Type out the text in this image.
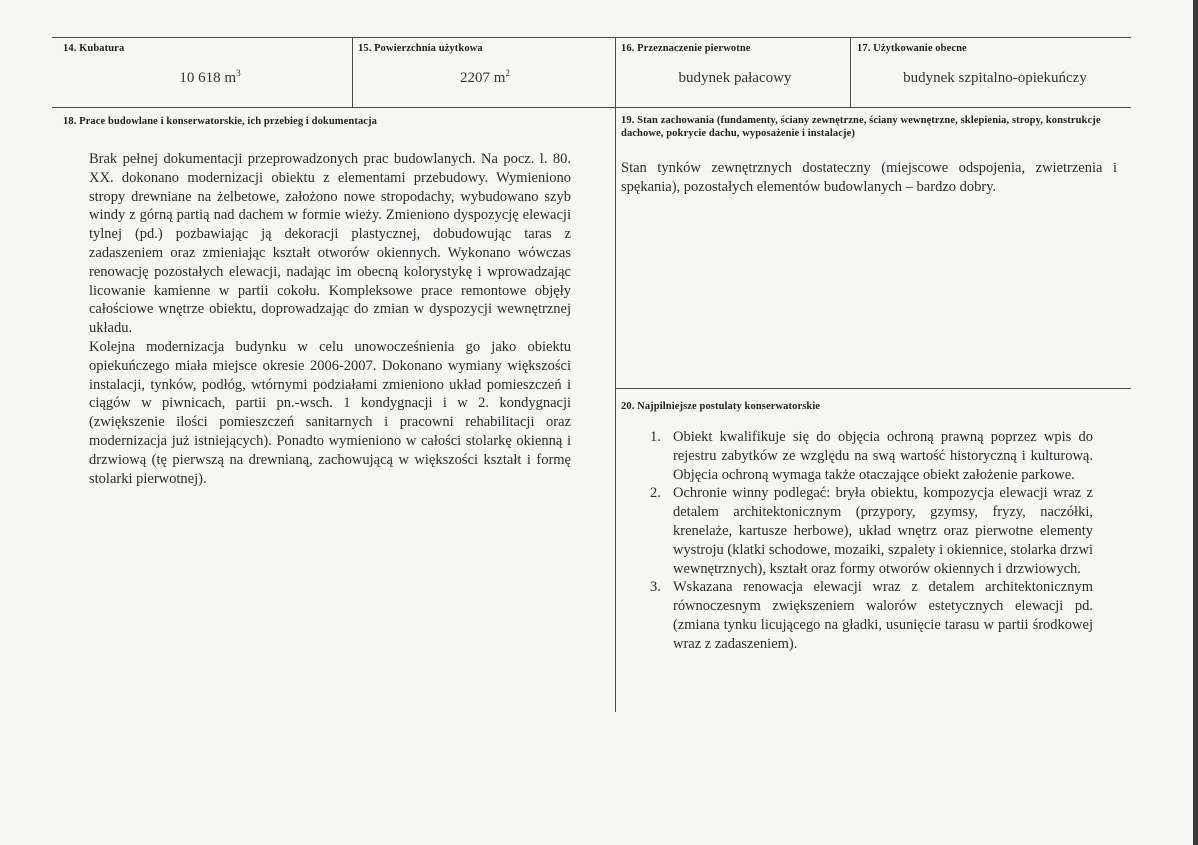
14. Kubatura
10 618 $m^3$
15. Powierzchnia użytkowa
2207 $m^2$
16. Przeznaczenie pierwotne
budynek pałacowy
17. Użytkowanie obecne
budynek szpitalno-opiekuńczy
18. Prace budowlane i konserwatorskie, ich przebieg i dokumentacja

Brak pełnej dokumentacji przeprowadzonych prac budowlanych. Na pocz. l. 80. XX. dokonano modernizacji obiektu z elementami przebudowy. Wymieniono stropy drewniane na żelbetowe, założono nowe stropodachy, wybudowano szyb windy z górną partią nad dachem w formie wieży. Zmieniono dyspozycję elewacji tylnej (pd.) pozbawiając ją dekoracji plastycznej, dobudowując taras z zadaszeniem oraz zmieniając kształt otworów okiennych. Wykonano wówczas renowację pozostałych elewacji, nadając im obecną kolorystykę i wprowadzając licowanie kamienne w partii cokołu. Kompleksowe prace remontowe objęły całościowe wnętrze obiektu, doprowadzając do zmian w dyspozycji wewnętrznej układu.

Kolejna modernizacja budynku w celu unowocześnienia go jako obiektu opiekuńczego miała miejsce okresie 2006-2007. Dokonano wymiany większości instalacji, tynków, podłóg, wtórnymi podziałami zmieniono układ pomieszczeń i ciągów w piwnicach, partii pn.-wsch. 1 kondygnacji i w 2. kondygnacji (zwiększenie ilości pomieszczeń sanitarnych i pracowni rehabilitacji oraz modernizacja już istniejących). Ponadto wymieniono w całości stolarkę okienną i drzwiową (tę pierwszą na drewnianą, zachowującą w większości kształt i formę stolarki pierwotnej).

19. Stan zachowania (fundamenty, ściany zewnętrzne, ściany wewnętrzne, sklepienia, stropy, konstrukcje dachowe, pokrycie dachu, wyposażenie i instalacje)
Stan tynków zewnętrznych dostateczny (miejscowe odspojenia, zwietrzenia i spękania), pozostałych elementów budowlanych – bardzo dobry.
20. Najpilniejsze postulaty konserwatorskie
1. Obiekt kwalifikuje się do objęcia ochroną prawną poprzez wpis do rejestru zabytków ze względu na swą wartość historyczną i kulturową. Objęcia ochroną wymaga także otaczające obiekt założenie parkowe.
2. Ochronie winny podlegać: bryła obiektu, kompozycja elewacji wraz z detalem architektonicznym (przypory, gzymsy, fryzy, naczółki, krenelaże, kartusze herbowe), układ wnętrz oraz pierwotne elementy wystroju (klatki schodowe, mozaiki, szpalety i okiennice, stolarka drzwi wewnętrznych), kształt oraz formy otworów okiennych i drzwiowych.
3. Wskazana renowacja elewacji wraz z detalem architektonicznym równoczesnym zwiększeniem walorów estetycznych elewacji pd. (zmiana tynku licującego na gładki, usunięcie tarasu w partii środkowej wraz z zadaszeniem).
